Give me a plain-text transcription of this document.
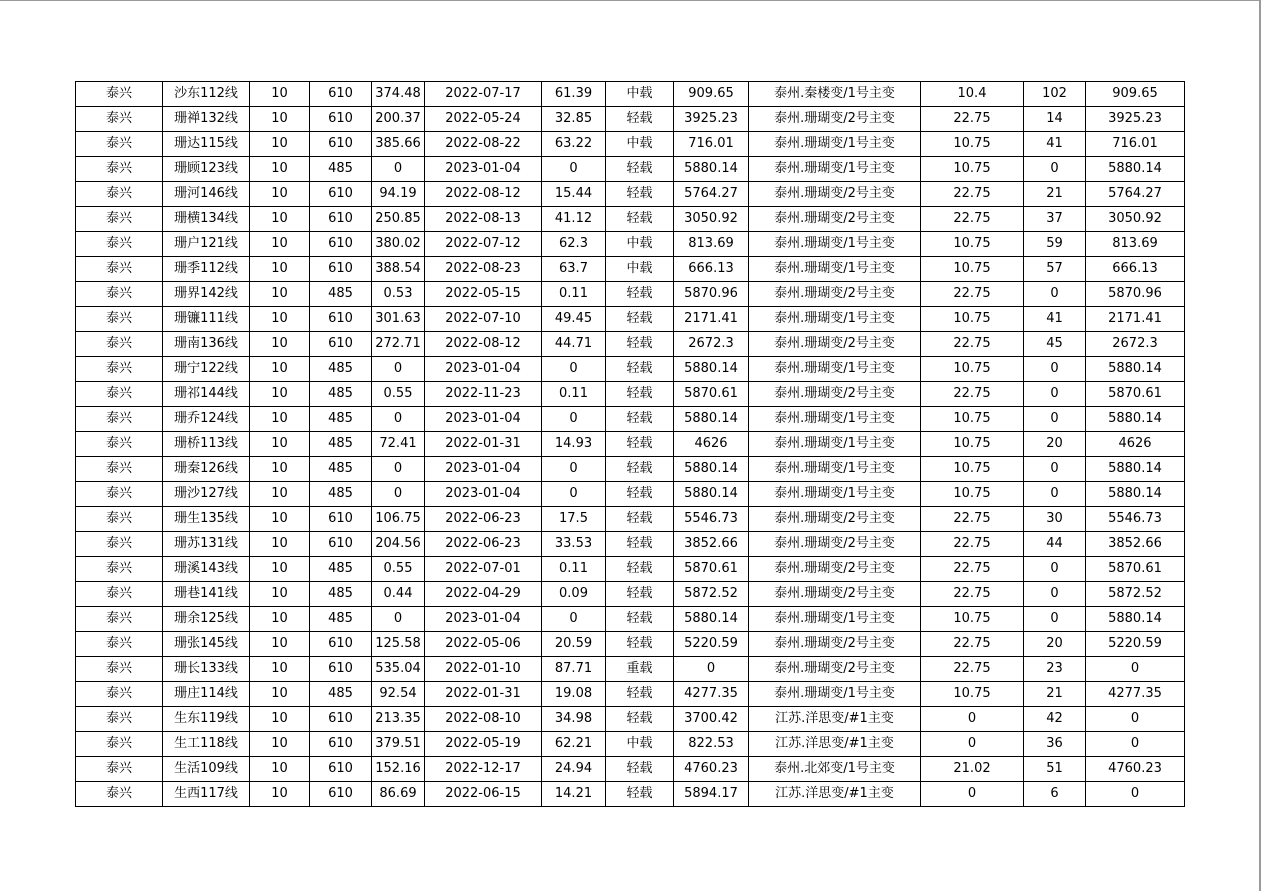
泰兴	沙东112线	10	610	374.48	2022-07-17	61.39	中载	909.65	泰州.秦楼变/1号主变	10.4	102	909.65
泰兴	珊禅132线	10	610	200.37	2022-05-24	32.85	轻载	3925.23	泰州.珊瑚变/2号主变	22.75	14	3925.23
泰兴	珊达115线	10	610	385.66	2022-08-22	63.22	中载	716.01	泰州.珊瑚变/1号主变	10.75	41	716.01
泰兴	珊顾123线	10	485	0	2023-01-04	0	轻载	5880.14	泰州.珊瑚变/1号主变	10.75	0	5880.14
泰兴	珊河146线	10	610	94.19	2022-08-12	15.44	轻载	5764.27	泰州.珊瑚变/2号主变	22.75	21	5764.27
泰兴	珊横134线	10	610	250.85	2022-08-13	41.12	轻载	3050.92	泰州.珊瑚变/2号主变	22.75	37	3050.92
泰兴	珊户121线	10	610	380.02	2022-07-12	62.3	中载	813.69	泰州.珊瑚变/1号主变	10.75	59	813.69
泰兴	珊季112线	10	610	388.54	2022-08-23	63.7	中载	666.13	泰州.珊瑚变/1号主变	10.75	57	666.13
泰兴	珊界142线	10	485	0.53	2022-05-15	0.11	轻载	5870.96	泰州.珊瑚变/2号主变	22.75	0	5870.96
泰兴	珊镰111线	10	610	301.63	2022-07-10	49.45	轻载	2171.41	泰州.珊瑚变/1号主变	10.75	41	2171.41
泰兴	珊南136线	10	610	272.71	2022-08-12	44.71	轻载	2672.3	泰州.珊瑚变/2号主变	22.75	45	2672.3
泰兴	珊宁122线	10	485	0	2023-01-04	0	轻载	5880.14	泰州.珊瑚变/1号主变	10.75	0	5880.14
泰兴	珊祁144线	10	485	0.55	2022-11-23	0.11	轻载	5870.61	泰州.珊瑚变/2号主变	22.75	0	5870.61
泰兴	珊乔124线	10	485	0	2023-01-04	0	轻载	5880.14	泰州.珊瑚变/1号主变	10.75	0	5880.14
泰兴	珊桥113线	10	485	72.41	2022-01-31	14.93	轻载	4626	泰州.珊瑚变/1号主变	10.75	20	4626
泰兴	珊秦126线	10	485	0	2023-01-04	0	轻载	5880.14	泰州.珊瑚变/1号主变	10.75	0	5880.14
泰兴	珊沙127线	10	485	0	2023-01-04	0	轻载	5880.14	泰州.珊瑚变/1号主变	10.75	0	5880.14
泰兴	珊生135线	10	610	106.75	2022-06-23	17.5	轻载	5546.73	泰州.珊瑚变/2号主变	22.75	30	5546.73
泰兴	珊苏131线	10	610	204.56	2022-06-23	33.53	轻载	3852.66	泰州.珊瑚变/2号主变	22.75	44	3852.66
泰兴	珊溪143线	10	485	0.55	2022-07-01	0.11	轻载	5870.61	泰州.珊瑚变/2号主变	22.75	0	5870.61
泰兴	珊巷141线	10	485	0.44	2022-04-29	0.09	轻载	5872.52	泰州.珊瑚变/2号主变	22.75	0	5872.52
泰兴	珊余125线	10	485	0	2023-01-04	0	轻载	5880.14	泰州.珊瑚变/1号主变	10.75	0	5880.14
泰兴	珊张145线	10	610	125.58	2022-05-06	20.59	轻载	5220.59	泰州.珊瑚变/2号主变	22.75	20	5220.59
泰兴	珊长133线	10	610	535.04	2022-01-10	87.71	重载	0	泰州.珊瑚变/2号主变	22.75	23	0
泰兴	珊庄114线	10	485	92.54	2022-01-31	19.08	轻载	4277.35	泰州.珊瑚变/1号主变	10.75	21	4277.35
泰兴	生东119线	10	610	213.35	2022-08-10	34.98	轻载	3700.42	江苏.洋思变/#1主变	0	42	0
泰兴	生工118线	10	610	379.51	2022-05-19	62.21	中载	822.53	江苏.洋思变/#1主变	0	36	0
泰兴	生活109线	10	610	152.16	2022-12-17	24.94	轻载	4760.23	泰州.北郊变/1号主变	21.02	51	4760.23
泰兴	生西117线	10	610	86.69	2022-06-15	14.21	轻载	5894.17	江苏.洋思变/#1主变	0	6	0
